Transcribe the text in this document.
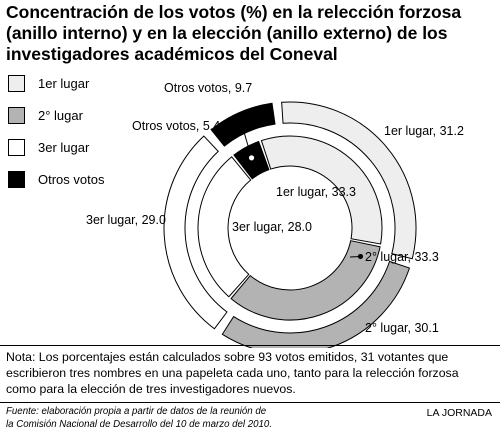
Concentración de los votos (%) en la relección forzosa
(anillo interno) y en la elección (anillo externo) de los
investigadores académicos del Coneval
1er lugar
2° lugar
3er lugar
Otros votos
1er lugar, 33.3
2° lugar, 33.3
3er lugar, 28.0
Otros votos, 5.4	1er lugar, 31.2
2° lugar, 30.1
3er lugar, 29.0
Otros votos, 9.7
Nota: Los porcentajes están calculados sobre 93 votos emitidos, 31 votantes que
escribieron tres nombres en una papeleta cada uno, tanto para la relección forzosa
como para la elección de tres investigadores nuevos.
Fuente: elaboración propia a partir de datos de la reunión de
la Comisión Nacional de Desarrollo del 10 de marzo del 2010.
LA JORNADA
